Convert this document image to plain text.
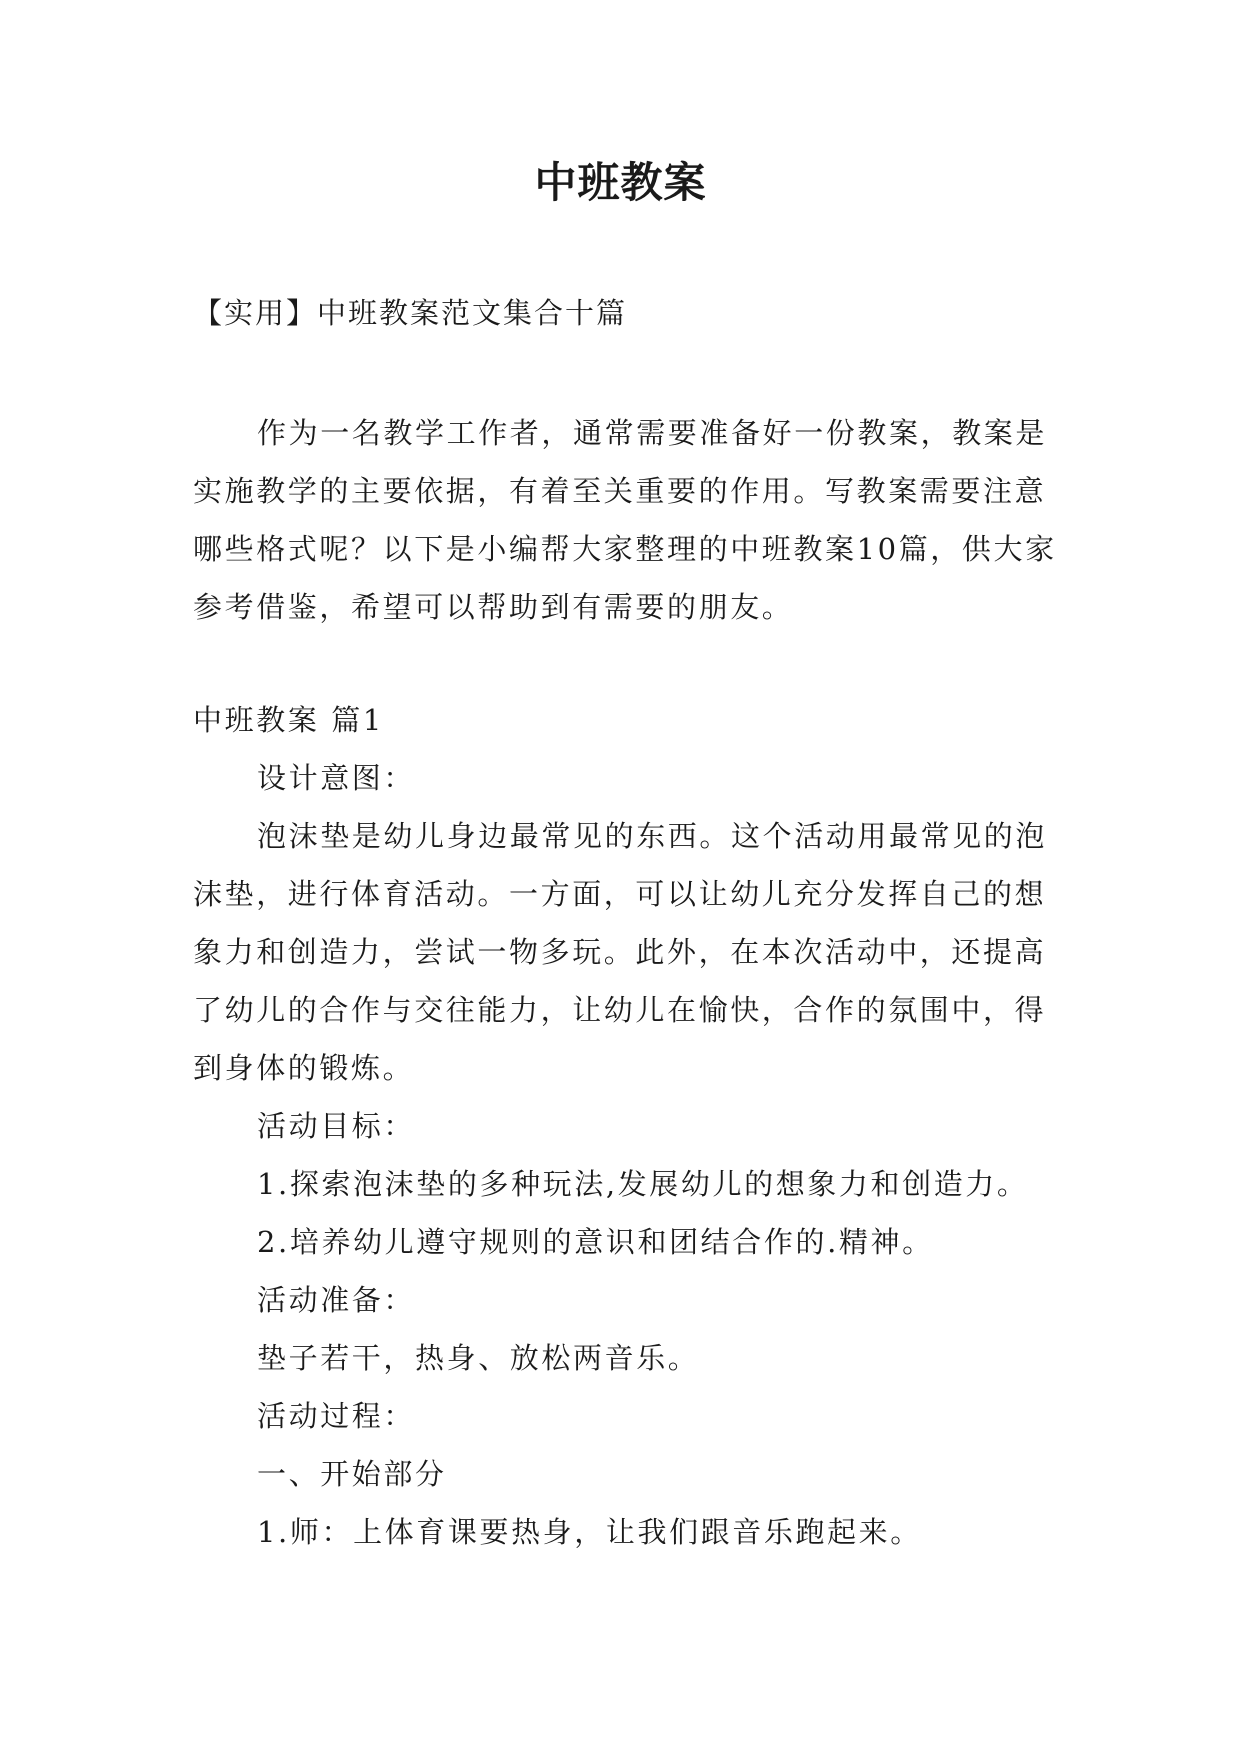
中班教案

【实用】中班教案范文集合十篇

作为一名教学工作者，通常需要准备好一份教案，教案是实施教学的主要依据，有着至关重要的作用。写教案需要注意哪些格式呢？以下是小编帮大家整理的中班教案10篇，供大家参考借鉴，希望可以帮助到有需要的朋友。

中班教案 篇1

设计意图：

泡沫垫是幼儿身边最常见的东西。这个活动用最常见的泡沫垫，进行体育活动。一方面，可以让幼儿充分发挥自己的想象力和创造力，尝试一物多玩。此外，在本次活动中，还提高了幼儿的合作与交往能力，让幼儿在愉快，合作的氛围中，得到身体的锻炼。

活动目标：

1.探索泡沫垫的多种玩法,发展幼儿的想象力和创造力。

2.培养幼儿遵守规则的意识和团结合作的.精神。

活动准备：

垫子若干，热身、放松两音乐。

活动过程：

一、开始部分

1.师：上体育课要热身，让我们跟音乐跑起来。
